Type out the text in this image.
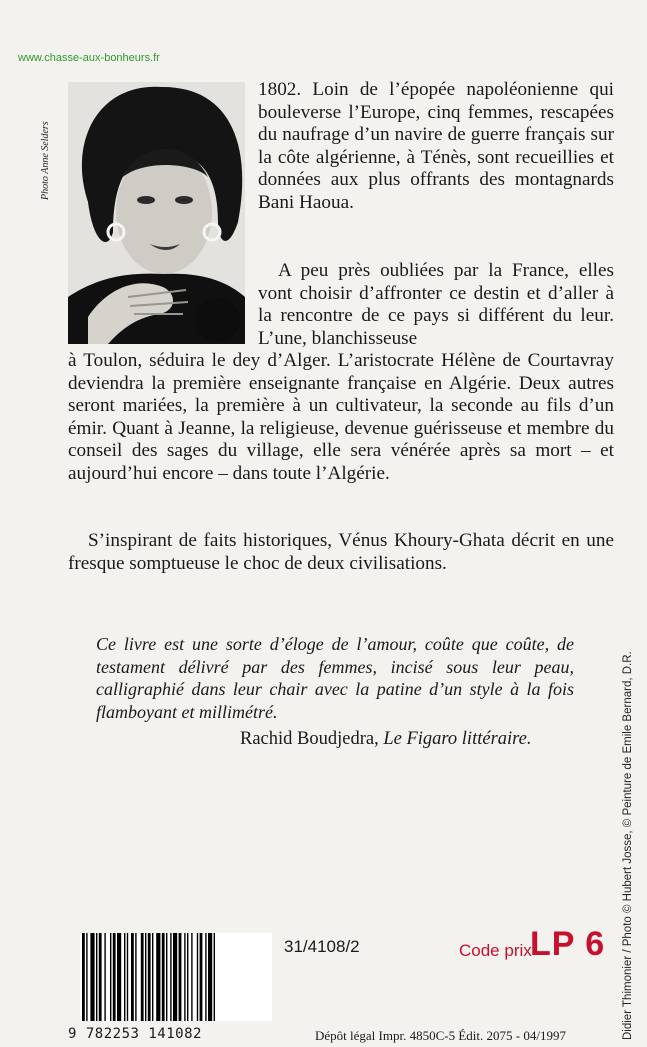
www.chasse-aux-bonheurs.fr
Photo Anne Selders

1802. Loin de l’épopée napoléonienne qui bouleverse l’Europe, cinq femmes, rescapées du naufrage d’un navire de guerre français sur la côte algérienne, à Ténès, sont recueillies et données aux plus offrants des montagnards Bani Haoua.

A peu près oubliées par la France, elles vont choisir d’affronter ce destin et d’aller à la rencontre de ce pays si différent du leur. L’une, blanchisseuse

à Toulon, séduira le dey d’Alger. L’aristocrate Hélène de Courtavray deviendra la première enseignante française en Algérie. Deux autres seront mariées, la première à un cultivateur, la seconde au fils d’un émir. Quant à Jeanne, la religieuse, devenue guérisseuse et membre du conseil des sages du village, elle sera vénérée après sa mort – et aujourd’hui encore – dans toute l’Algérie.

S’inspirant de faits historiques, Vénus Khoury-Ghata décrit en une fresque somptueuse le choc de deux civilisations.

Ce livre est une sorte d’éloge de l’amour, coûte que coûte, de testament délivré par des femmes, incisé sous leur peau, calligraphié dans leur chair avec la patine d’un style à la fois flamboyant et millimétré.

Rachid Boudjedra, Le Figaro littéraire.	Didier Thimonier / Photo © Hubert Josse, © Peinture de Emile Bernard, D.R.
9 782253 141082
31/4108/2	Code prix
LP 6
Dépôt légal Impr. 4850C-5 Édit. 2075 - 04/1997
